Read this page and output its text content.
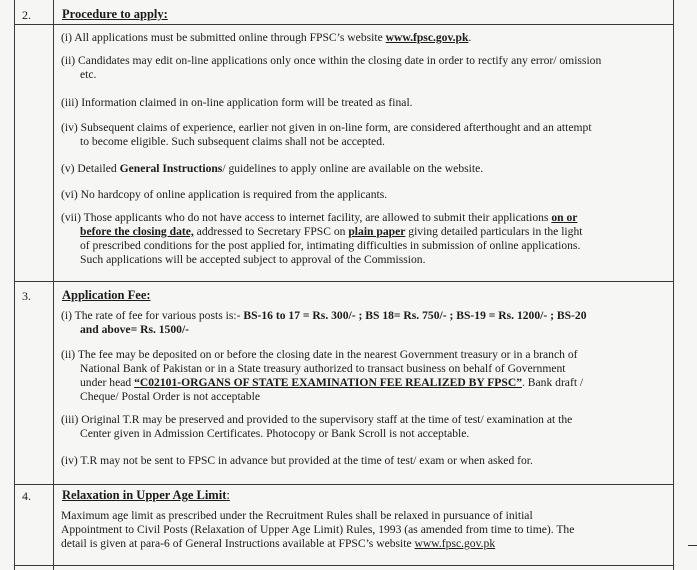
2.	Procedure to apply:
(i) All applications must be submitted online through FPSC’s website www.fpsc.gov.pk.
(ii) Candidates may edit on-line applications only once within the closing date in order to rectify any error/ omission
etc.
(iii) Information claimed in on-line application form will be treated as final.
(iv) Subsequent claims of experience, earlier not given in on-line form, are considered afterthought and an attempt
to become eligible. Such subsequent claims shall not be accepted.
(v) Detailed General Instructions/ guidelines to apply online are available on the website.
(vi) No hardcopy of online application is required from the applicants.
(vii) Those applicants who do not have access to internet facility, are allowed to submit their applications on or
before the closing date, addressed to Secretary FPSC on plain paper giving detailed particulars in the light
of prescribed conditions for the post applied for, intimating difficulties in submission of online applications.
Such applications will be accepted subject to approval of the Commission.
3.	Application Fee:
(i) The rate of fee for various posts is:- BS-16 to 17 = Rs. 300/- ; BS 18= Rs. 750/- ; BS-19 = Rs. 1200/- ; BS-20
and above= Rs. 1500/-
(ii) The fee may be deposited on or before the closing date in the nearest Government treasury or in a branch of
National Bank of Pakistan or in a State treasury authorized to transact business on behalf of Government
under head “C02101-ORGANS OF STATE EXAMINATION FEE REALIZED BY FPSC”. Bank draft /
Cheque/ Postal Order is not acceptable
(iii) Original T.R may be preserved and provided to the supervisory staff at the time of test/ examination at the
Center given in Admission Certificates. Photocopy or Bank Scroll is not acceptable.
(iv) T.R may not be sent to FPSC in advance but provided at the time of test/ exam or when asked for.
4.	Relaxation in Upper Age Limit:
Maximum age limit as prescribed under the Recruitment Rules shall be relaxed in pursuance of initial
Appointment to Civil Posts (Relaxation of Upper Age Limit) Rules, 1993 (as amended from time to time). The
detail is given at para-6 of General Instructions available at FPSC’s website www.fpsc.gov.pk
